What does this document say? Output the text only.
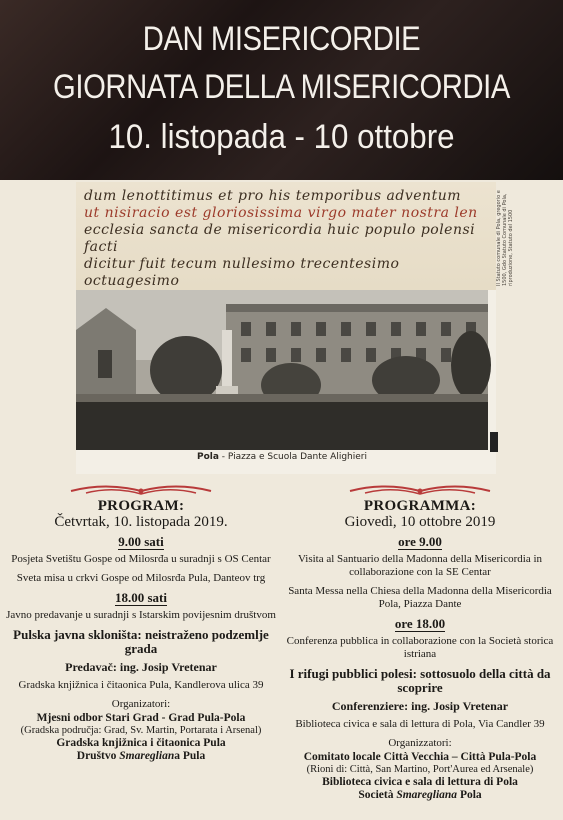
DAN MISERICORDIE
GIORNATA DELLA MISERICORDIA
10. listopada - 10 ottobre
dum lenottitimus et pro his temporibus adventum
ut nisiracio est gloriosissima virgo mater nostra len
ecclesia sancta de misericordia huic populo polensi facti
dicitur fuit tecum nullesimo trecentesimo octuagesimo	Il Statuto comunale di Pola, gregorio e 1500, Gdo Statuto Comunale di Pola, riproduzione, Statuto del 1500
Pola - Piazza e Scuola Dante Alighieri
PROGRAM:
Četvrtak, 10. listopada 2019.
9.00 sati

Posjeta Svetištu Gospe od Milosrđa u suradnji s OS Centar

Sveta misa u crkvi Gospe od Milosrđa Pula, Danteov trg

18.00 sati

Javno predavanje u suradnji s Istarskim povijesnim društvom

Pulska javna skloništa: neistraženo podzemlje grada
Predavač: ing. Josip Vretenar

Gradska knjižnica i čitaonica Pula, Kandlerova ulica 39

Organizatori:
Mjesni odbor Stari Grad - Grad Pula-Pola
(Gradska područja: Grad, Sv. Martin, Portarata i Arsenal)
Gradska knjižnica i čitaonica Pula
Društvo Smaregliana Pula
PROGRAMMA:
Giovedì, 10 ottobre 2019
ore 9.00

Visita al Santuario della Madonna della Misericordia in collaborazione con la SE Centar

Santa Messa nella Chiesa della Madonna della Misericordia Pola, Piazza Dante

ore 18.00

Conferenza pubblica in collaborazione con la Società storica istriana

I rifugi pubblici polesi: sottosuolo della città da scoprire
Conferenziere: ing. Josip Vretenar

Biblioteca civica e sala di lettura di Pola, Via Candler 39

Organizzatori:
Comitato locale Città Vecchia – Città Pula-Pola
(Rioni di: Città, San Martino, Port'Aurea ed Arsenale)
Biblioteca civica e sala di lettura di Pola
Società Smaregliana Pola
